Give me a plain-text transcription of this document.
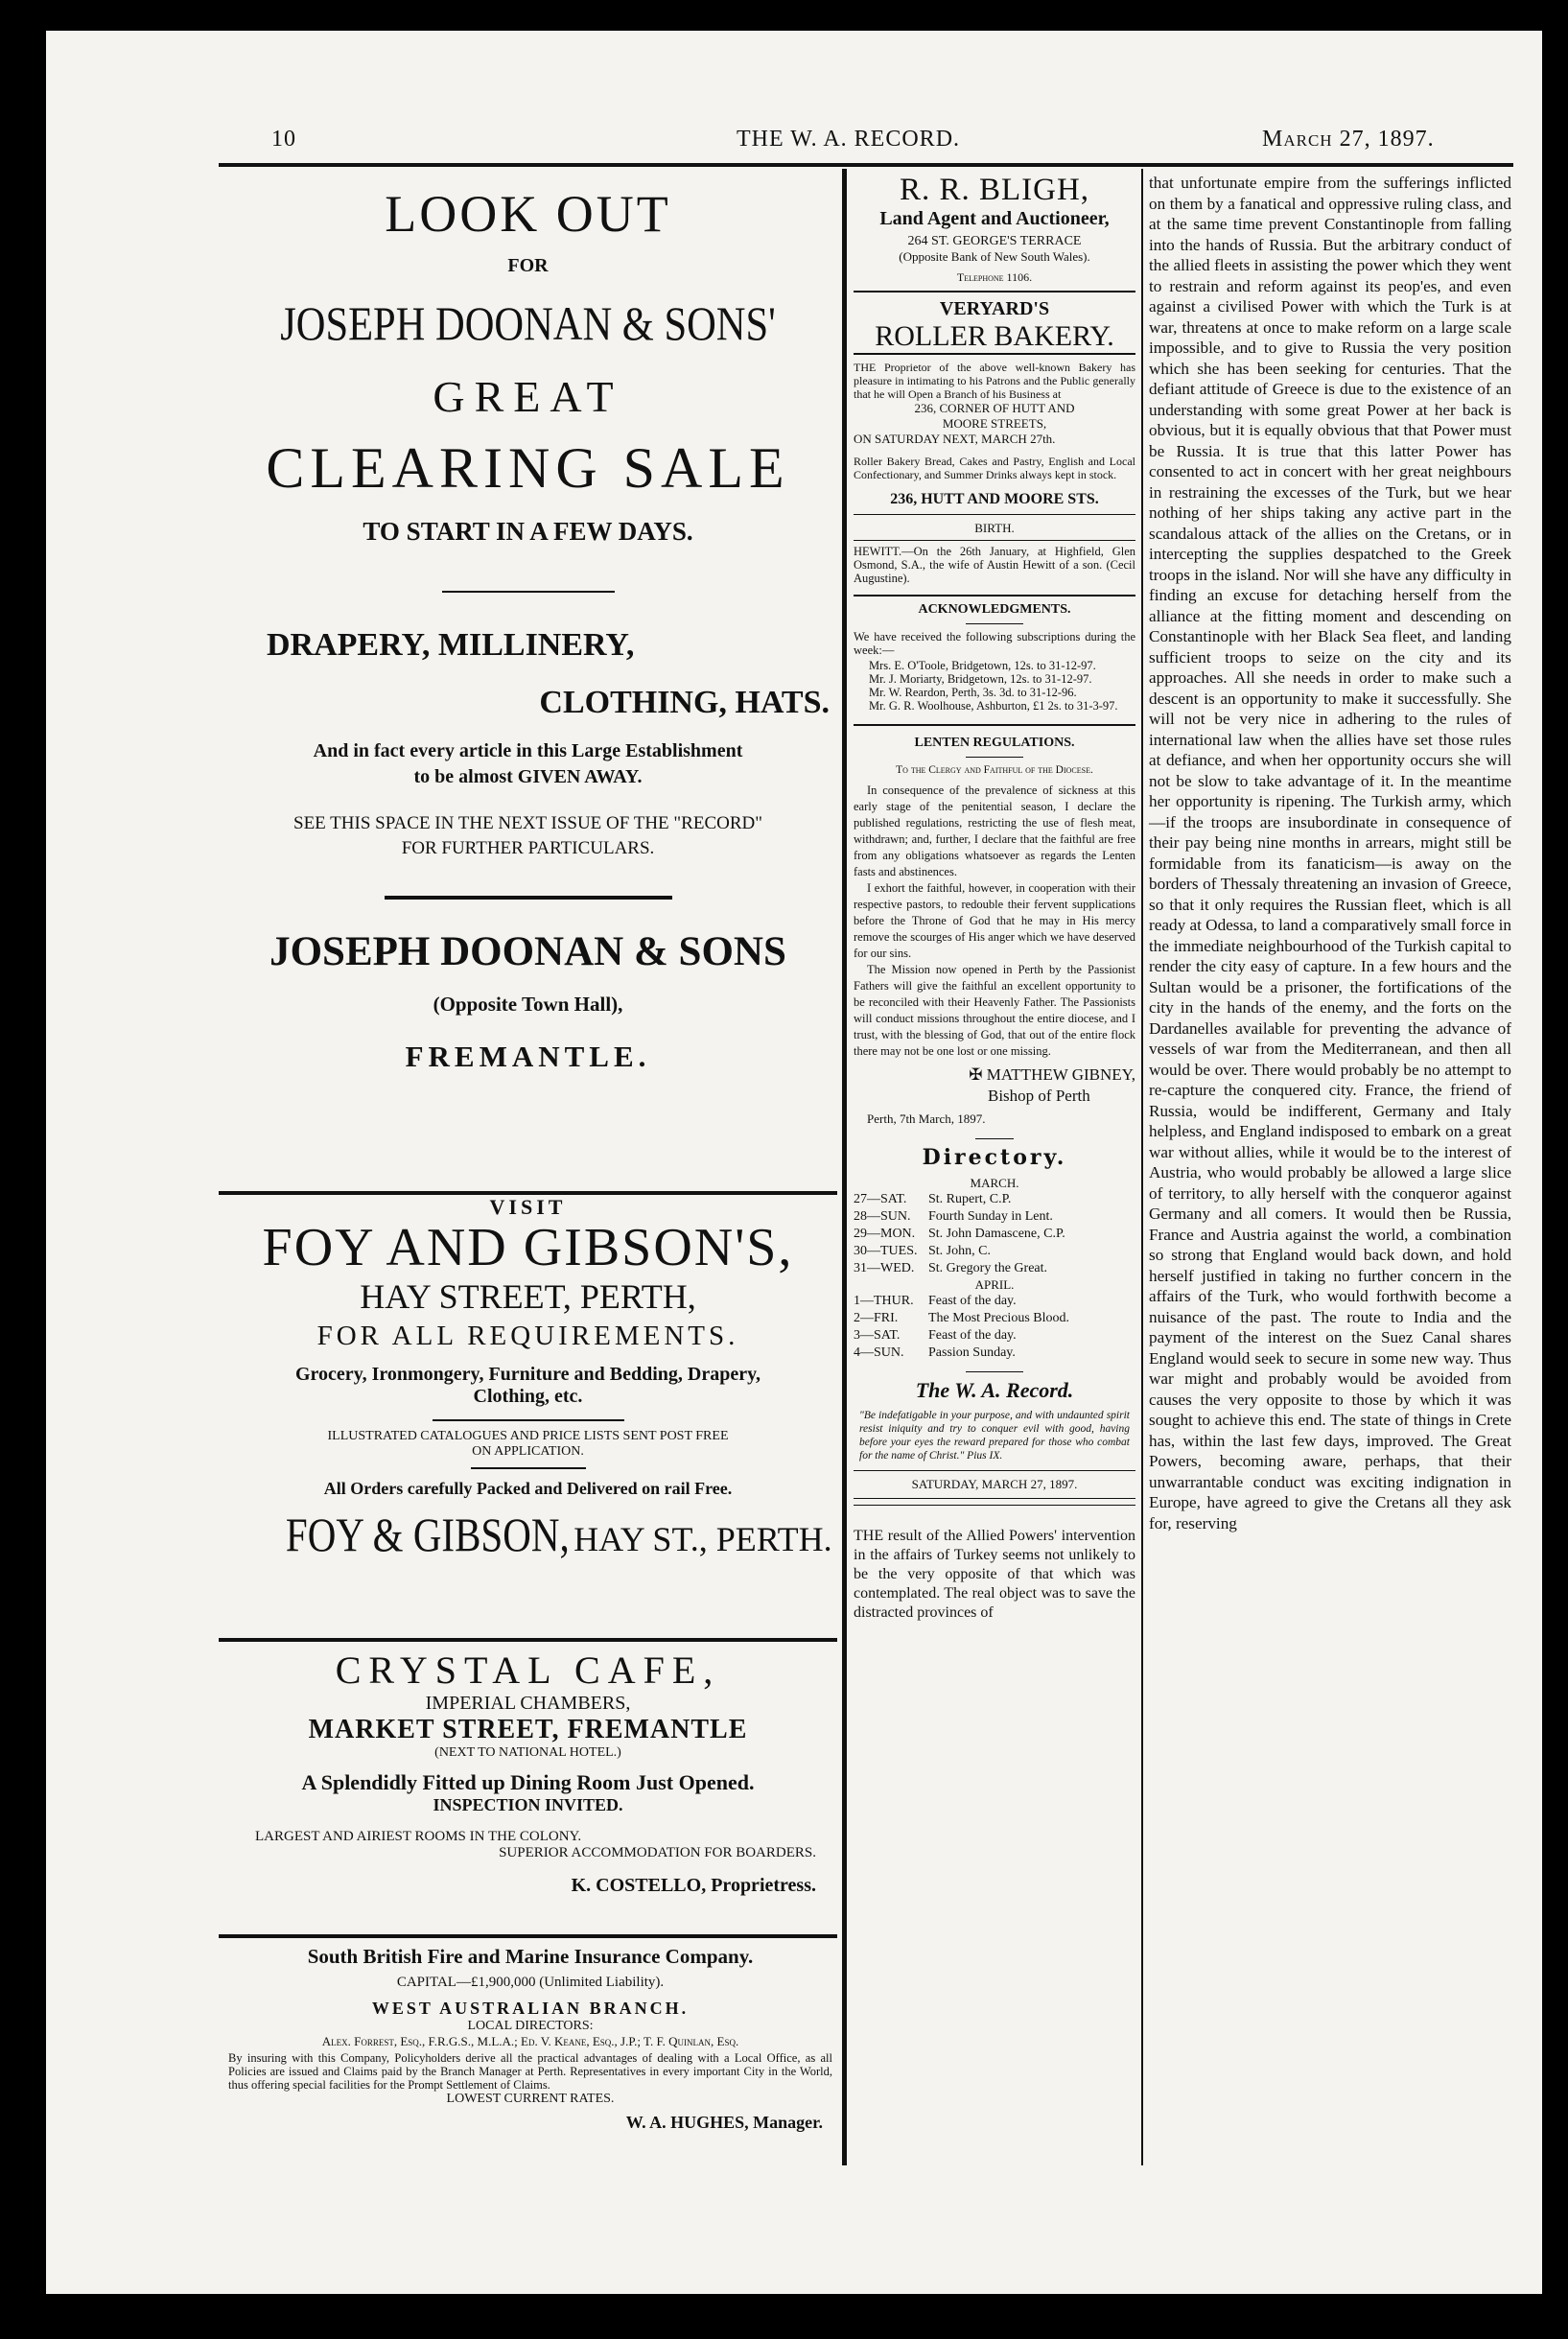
10	THE W. A. RECORD.	March 27, 1897.
LOOK OUT
FOR
JOSEPH DOONAN & SONS'
GREAT
CLEARING SALE
TO START IN A FEW DAYS.
DRAPERY, MILLINERY,
CLOTHING, HATS.
And in fact every article in this Large Establishment
to be almost GIVEN AWAY.
SEE THIS SPACE IN THE NEXT ISSUE OF THE "RECORD"
FOR FURTHER PARTICULARS.
JOSEPH DOONAN & SONS
(Opposite Town Hall),
FREMANTLE.
VISIT
FOY AND GIBSON'S,
HAY STREET, PERTH,
FOR ALL REQUIREMENTS.
Grocery, Ironmongery, Furniture and Bedding, Drapery,
Clothing, etc.
ILLUSTRATED CATALOGUES AND PRICE LISTS SENT POST FREE
ON APPLICATION.
All Orders carefully Packed and Delivered on rail Free.
FOY & GIBSON, HAY ST., PERTH.
CRYSTAL CAFE,
IMPERIAL CHAMBERS,
MARKET STREET, FREMANTLE
(NEXT TO NATIONAL HOTEL.)
A Splendidly Fitted up Dining Room Just Opened.
INSPECTION INVITED.
LARGEST AND AIRIEST ROOMS IN THE COLONY.
SUPERIOR ACCOMMODATION FOR BOARDERS.
K. COSTELLO, Proprietress.
South British Fire and Marine Insurance Company.
CAPITAL—£1,900,000 (Unlimited Liability).
WEST AUSTRALIAN BRANCH.
LOCAL DIRECTORS:
Alex. Forrest, Esq., F.R.G.S., M.L.A.; Ed. V. Keane, Esq., J.P.; T. F. Quinlan, Esq.
By insuring with this Company, Policyholders derive all the practical advantages of dealing with a Local Office, as all Policies are issued and Claims paid by the Branch Manager at Perth. Representatives in every important City in the World, thus offering special facilities for the Prompt Settlement of Claims.
LOWEST CURRENT RATES.
W. A. HUGHES, Manager.
R. R. BLIGH,
Land Agent and Auctioneer,
264 ST. GEORGE'S TERRACE
(Opposite Bank of New South Wales).
Telephone 1106.
VERYARD'S
ROLLER BAKERY.
THE Proprietor of the above well-known Bakery has pleasure in intimating to his Patrons and the Public generally that he will Open a Branch of his Business at
236, CORNER OF HUTT AND
MOORE STREETS,
ON SATURDAY NEXT, MARCH 27th.
Roller Bakery Bread, Cakes and Pastry, English and Local Confectionary, and Summer Drinks always kept in stock.
236, HUTT AND MOORE STS.
BIRTH.
HEWITT.—On the 26th January, at Highfield, Glen Osmond, S.A., the wife of Austin Hewitt of a son. (Cecil Augustine).
ACKNOWLEDGMENTS.

We have received the following subscriptions during the week:—

Mrs. E. O'Toole, Bridgetown, 12s. to 31-12-97.

Mr. J. Moriarty, Bridgetown, 12s. to 31-12-97.

Mr. W. Reardon, Perth, 3s. 3d. to 31-12-96.

Mr. G. R. Woolhouse, Ashburton, £1 2s. to 31-3-97.

LENTEN REGULATIONS.
To the Clergy and Faithful of the Diocese.
In consequence of the prevalence of sickness at this early stage of the penitential season, I declare the published regulations, restricting the use of flesh meat, withdrawn; and, further, I declare that the faithful are free from any obligations whatsoever as regards the Lenten fasts and abstinences.
I exhort the faithful, however, in cooperation with their respective pastors, to redouble their fervent supplications before the Throne of God that he may in His mercy remove the scourges of His anger which we have deserved for our sins.
The Mission now opened in Perth by the Passionist Fathers will give the faithful an excellent opportunity to be reconciled with their Heavenly Father. The Passionists will conduct missions throughout the entire diocese, and I trust, with the blessing of God, that out of the entire flock there may not be one lost or one missing.
✠ MATTHEW GIBNEY,
Bishop of Perth
Perth, 7th March, 1897.
Directory.
MARCH.
27—SAT.	St. Rupert, C.P.
28—SUN.	Fourth Sunday in Lent.
29—MON. St. John Damascene, C.P.
30—TUES. St. John, C.
31—WED.	St. Gregory the Great.
APRIL.
1—THUR.	Feast of the day.
2—FRI.	The Most Precious Blood.
3—SAT.	Feast of the day.
4—SUN.	Passion Sunday.
The W. A. Record.
"Be indefatigable in your purpose, and with undaunted spirit resist iniquity and try to conquer evil with good, having before your eyes the reward prepared for those who combat for the name of Christ." Pius IX.
SATURDAY, MARCH 27, 1897.
THE result of the Allied Powers' intervention in the affairs of Turkey seems not unlikely to be the very opposite of that which was contemplated. The real object was to save the distracted provinces of
that unfortunate empire from the sufferings inflicted on them by a fanatical and oppressive ruling class, and at the same time prevent Constantinople from falling into the hands of Russia. But the arbitrary conduct of the allied fleets in assisting the power which they went to restrain and reform against its peop'es, and even against a civilised Power with which the Turk is at war, threatens at once to make reform on a large scale impossible, and to give to Russia the very position which she has been seeking for centuries. That the defiant attitude of Greece is due to the existence of an understanding with some great Power at her back is obvious, but it is equally obvious that that Power must be Russia. It is true that this latter Power has consented to act in concert with her great neighbours in restraining the excesses of the Turk, but we hear nothing of her ships taking any active part in the scandalous attack of the allies on the Cretans, or in intercepting the supplies despatched to the Greek troops in the island. Nor will she have any difficulty in finding an excuse for detaching herself from the alliance at the fitting moment and descending on Constantinople with her Black Sea fleet, and landing sufficient troops to seize on the city and its approaches. All she needs in order to make such a descent is an opportunity to make it successfully. She will not be very nice in adhering to the rules of international law when the allies have set those rules at defiance, and when her opportunity occurs she will not be slow to take advantage of it. In the meantime her opportunity is ripening. The Turkish army, which—if the troops are insubordinate in consequence of their pay being nine months in arrears, might still be formidable from its fanaticism—is away on the borders of Thessaly threatening an invasion of Greece, so that it only requires the Russian fleet, which is all ready at Odessa, to land a comparatively small force in the immediate neighbourhood of the Turkish capital to render the city easy of capture. In a few hours and the Sultan would be a prisoner, the fortifications of the city in the hands of the enemy, and the forts on the Dardanelles available for preventing the advance of vessels of war from the Mediterranean, and then all would be over. There would probably be no attempt to re-capture the conquered city. France, the friend of Russia, would be indifferent, Germany and Italy helpless, and England indisposed to embark on a great war without allies, while it would be to the interest of Austria, who would probably be allowed a large slice of territory, to ally herself with the conqueror against Germany and all comers. It would then be Russia, France and Austria against the world, a combination so strong that England would back down, and hold herself justified in taking no further concern in the affairs of the Turk, who would forthwith become a nuisance of the past. The route to India and the payment of the interest on the Suez Canal shares England would seek to secure in some new way. Thus war might and probably would be avoided from causes the very opposite to those by which it was sought to achieve this end. The state of things in Crete has, within the last few days, improved. The Great Powers, becoming aware, perhaps, that their unwarrantable conduct was exciting indignation in Europe, have agreed to give the Cretans all they ask for, reserving
